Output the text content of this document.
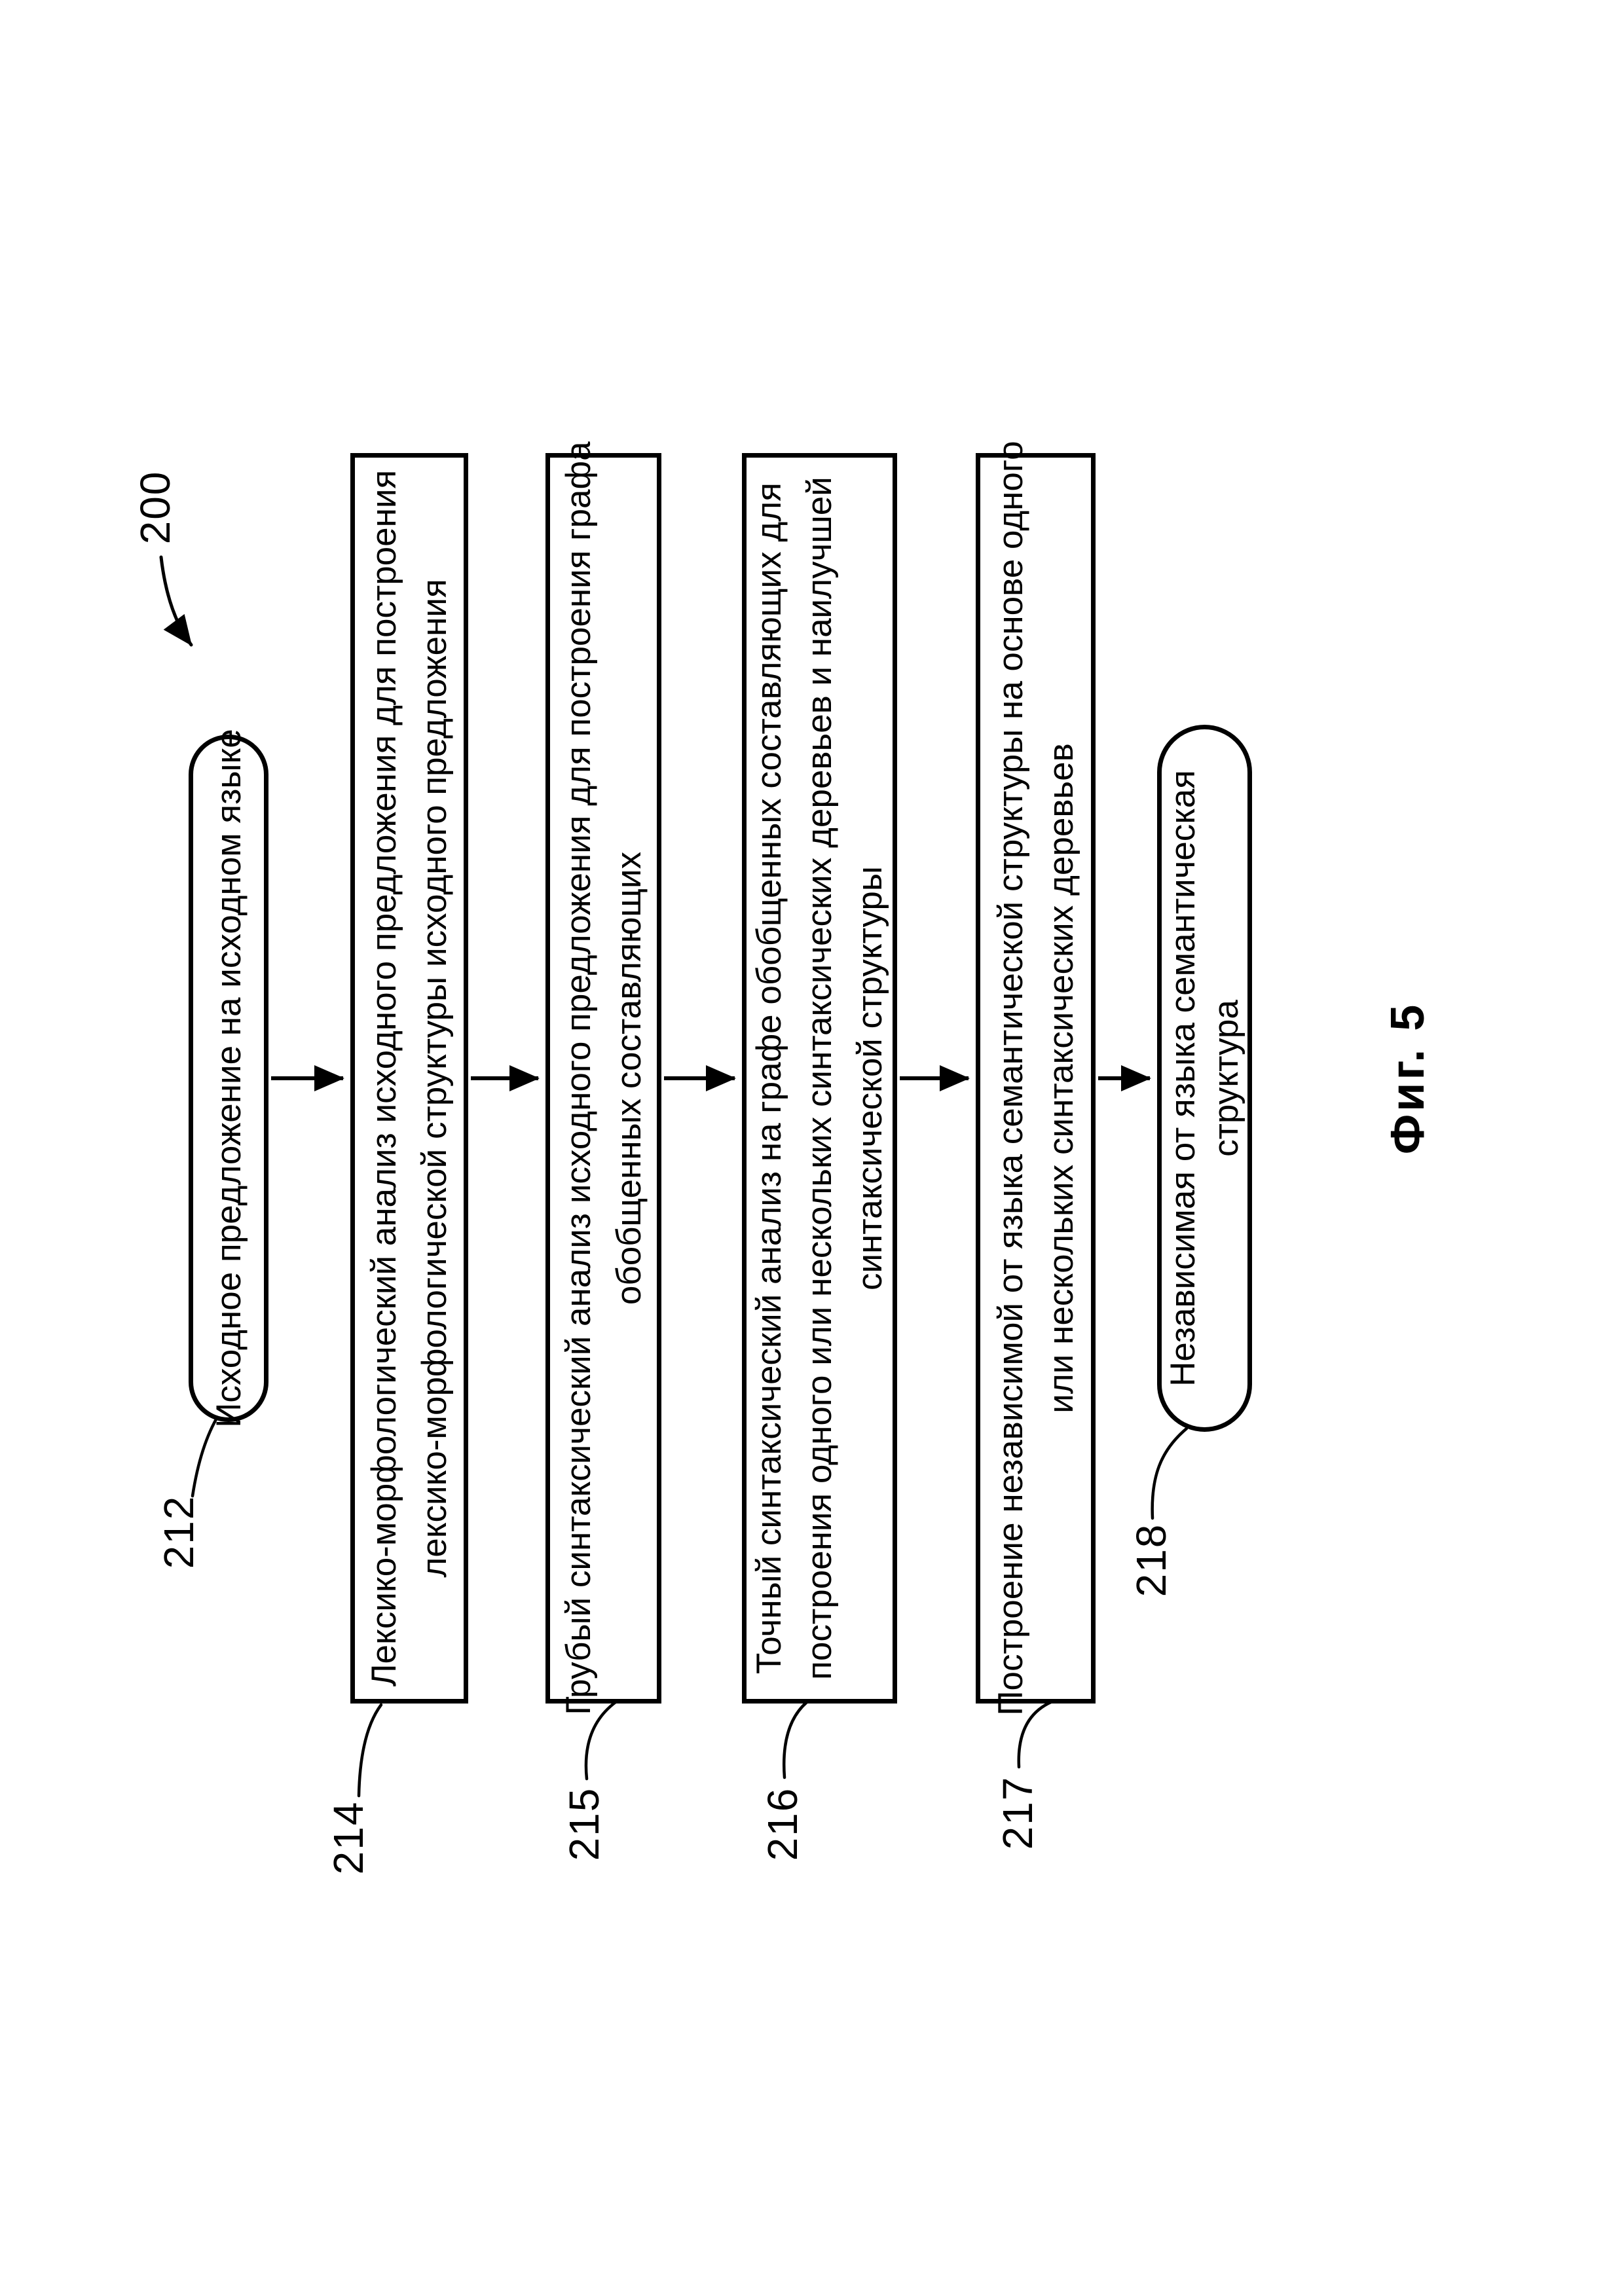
Исходное предложение на исходном языке	Лексико-морфологический анализ исходного предложения для построения лексико-морфологической структуры исходного предложения	Грубый синтаксический анализ исходного предложения для построения графа обобщенных составляющих	Точный синтаксический анализ на графе обобщенных составляющих для построения одного или нескольких синтаксических деревьев и наилучшей синтаксической структуры	Построение независимой от языка семантической структуры на основе одного или нескольких синтаксических деревьев Независимая от языка семантическая структура
200
212
214	215	216	217
218
Фиг. 5
